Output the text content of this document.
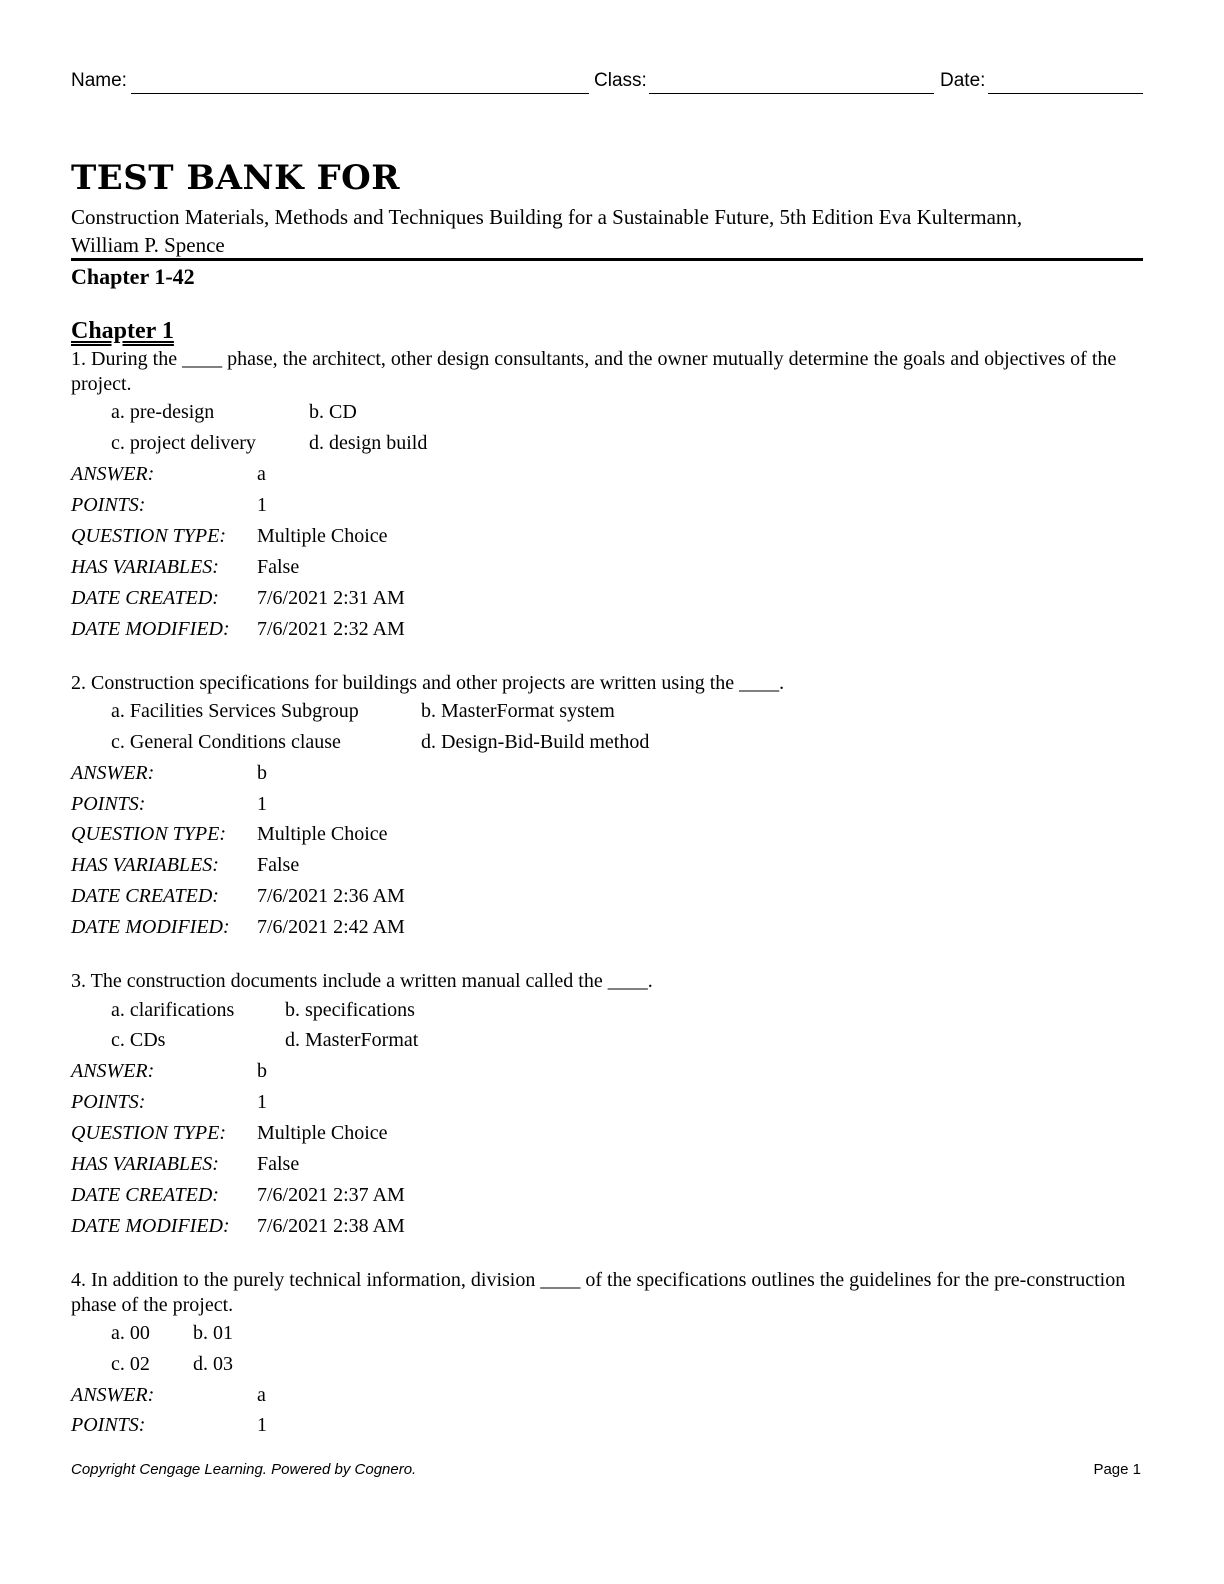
Name:	Class:	Date:
TEST BANK FOR
Construction Materials, Methods and Techniques Building for a Sustainable Future, 5th Edition Eva Kultermann, William P. Spence
Chapter 1-42
Chapter 1
1. During the ____ phase, the architect, other design consultants, and the owner mutually determine the goals and objectives of the project.
a. pre-design	b. CD
c. project delivery	d. design build
ANSWER:	a
POINTS:	1
QUESTION TYPE: Multiple Choice
HAS VARIABLES: False
DATE CREATED: 7/6/2021 2:31 AM
DATE MODIFIED: 7/6/2021 2:32 AM
2. Construction specifications for buildings and other projects are written using the ____.
a. Facilities Services Subgroup	b. MasterFormat system
c. General Conditions clause	d. Design-Bid-Build method
ANSWER:	b
POINTS:	1
QUESTION TYPE: Multiple Choice
HAS VARIABLES: False
DATE CREATED: 7/6/2021 2:36 AM
DATE MODIFIED: 7/6/2021 2:42 AM
3. The construction documents include a written manual called the ____.
a. clarifications	b. specifications
c. CDs	d. MasterFormat
ANSWER:	b
POINTS:	1
QUESTION TYPE: Multiple Choice
HAS VARIABLES: False
DATE CREATED: 7/6/2021 2:37 AM
DATE MODIFIED: 7/6/2021 2:38 AM
4. In addition to the purely technical information, division ____ of the specifications outlines the guidelines for the pre-construction phase of the project.
a. 00 b. 01
c. 02 d. 03
ANSWER:	a
POINTS:	1
Copyright Cengage Learning. Powered by Cognero.	Page 1
